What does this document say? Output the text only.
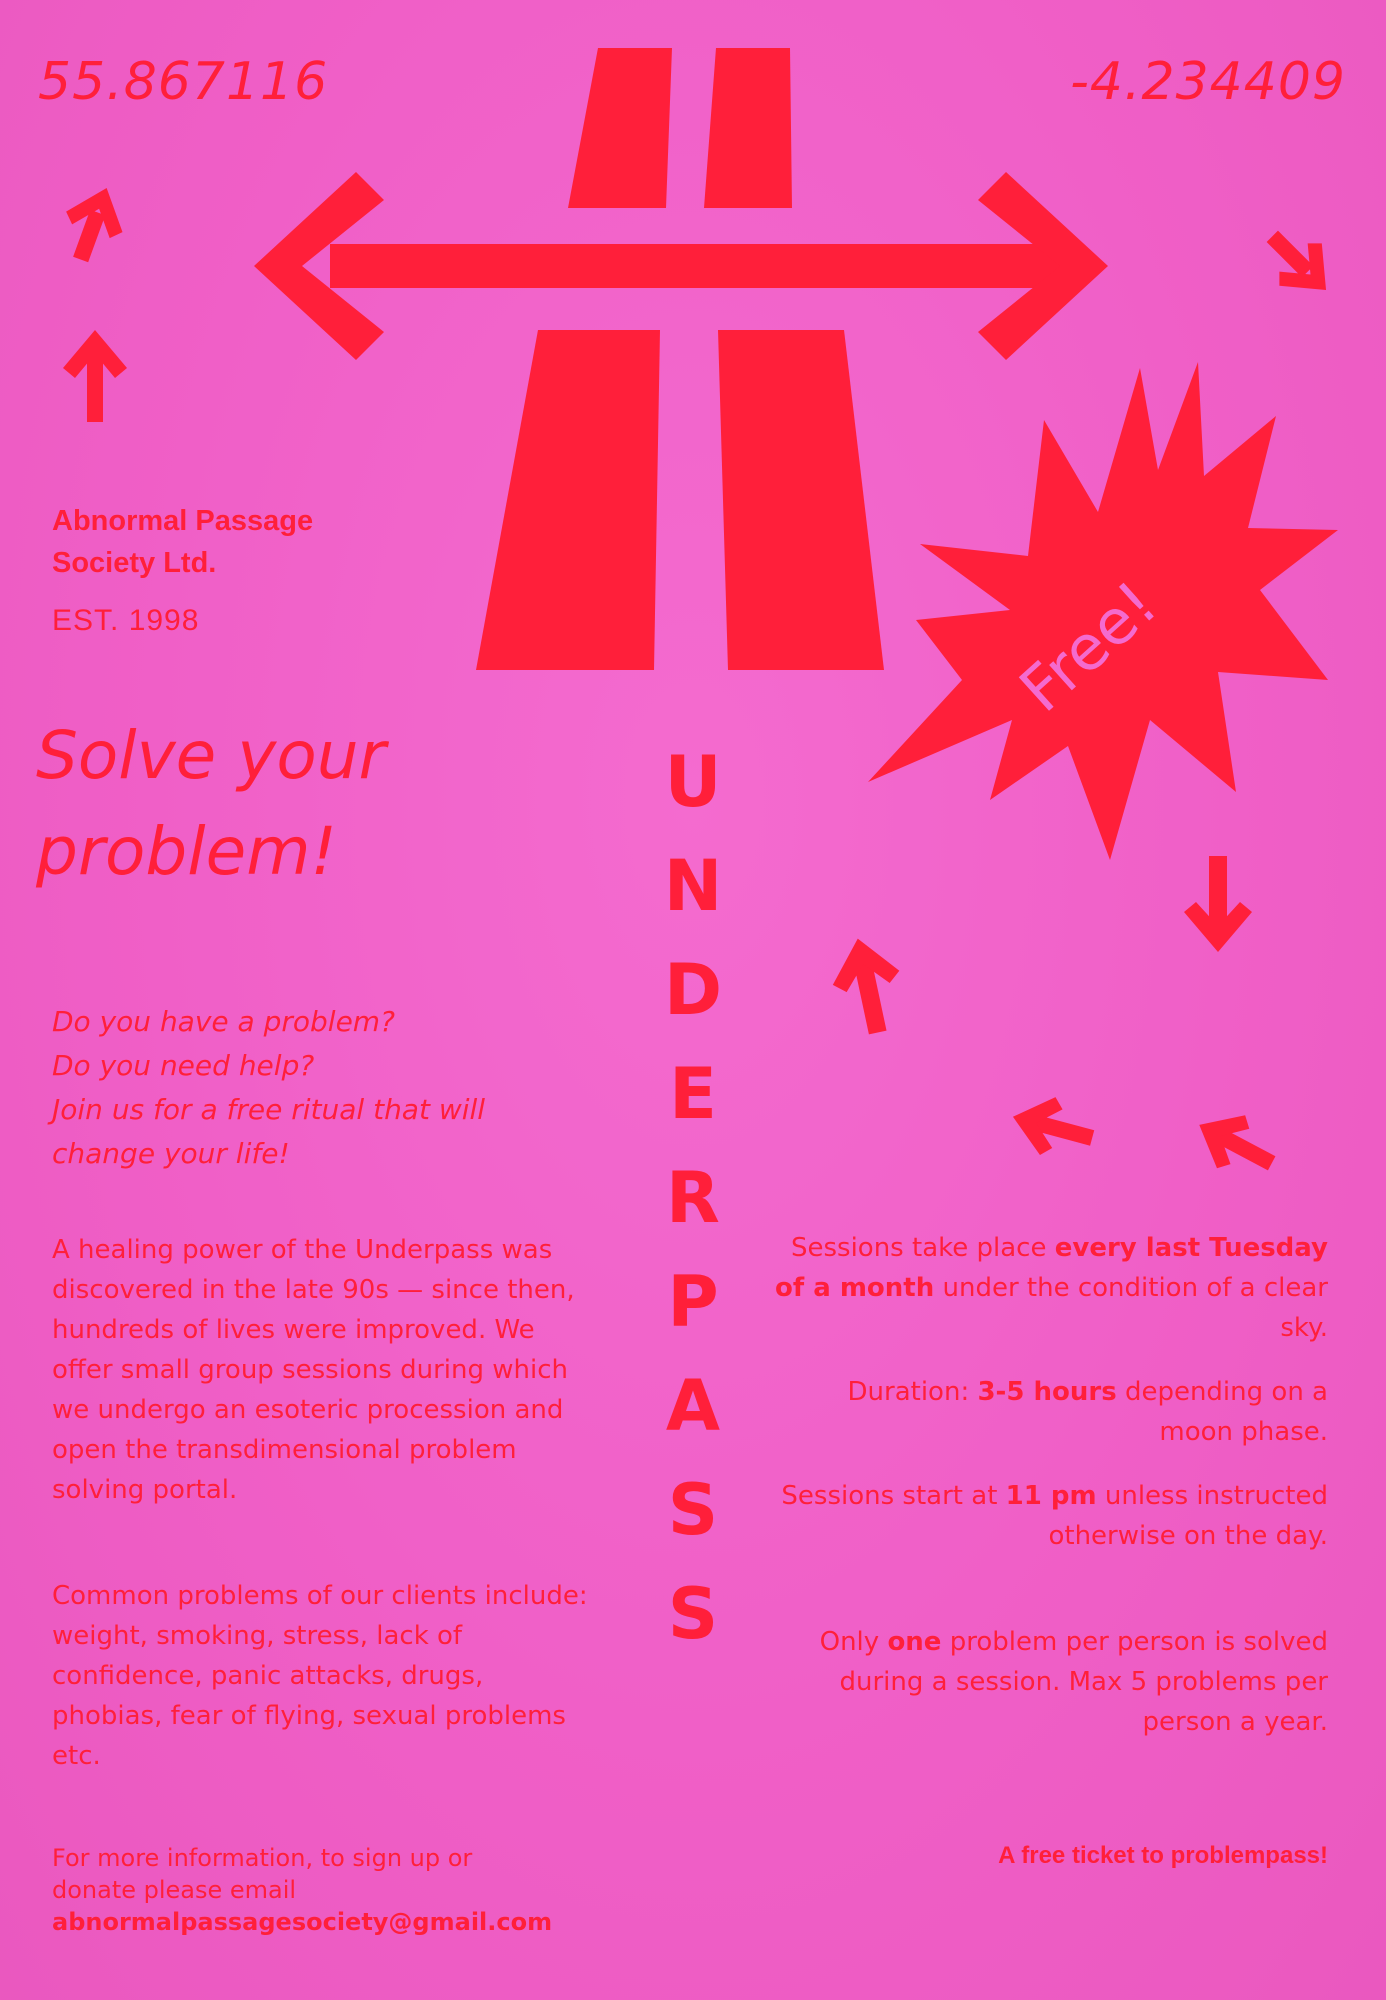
55.867116	-4.234409
Abnormal Passage
Society Ltd.
EST. 1998
Solve your
problem!
Do you have a problem?
Do you need help?
Join us for a free ritual that will
change your life!

A healing power of the Underpass was discovered in the late 90s — since then, hundreds of lives were improved. We offer small group sessions during which we undergo an esoteric procession and open the transdimensional problem solving portal.

Common problems of our clients include: weight, smoking, stress, lack of confidence, panic attacks, drugs, phobias, fear of flying, sexual problems etc.

For more information, to sign up or
donate please email
abnormalpassagesociety@gmail.com
U
N
D
E
R
P
A
S
S
Free!

Sessions take place every last Tuesday of a month under the condition of a clear sky.

Duration: 3-5 hours depending on a moon phase.

Sessions start at 11 pm unless instructed otherwise on the day.

Only one problem per person is solved during a session. Max 5 problems per person a year.

A free ticket to problempass!
